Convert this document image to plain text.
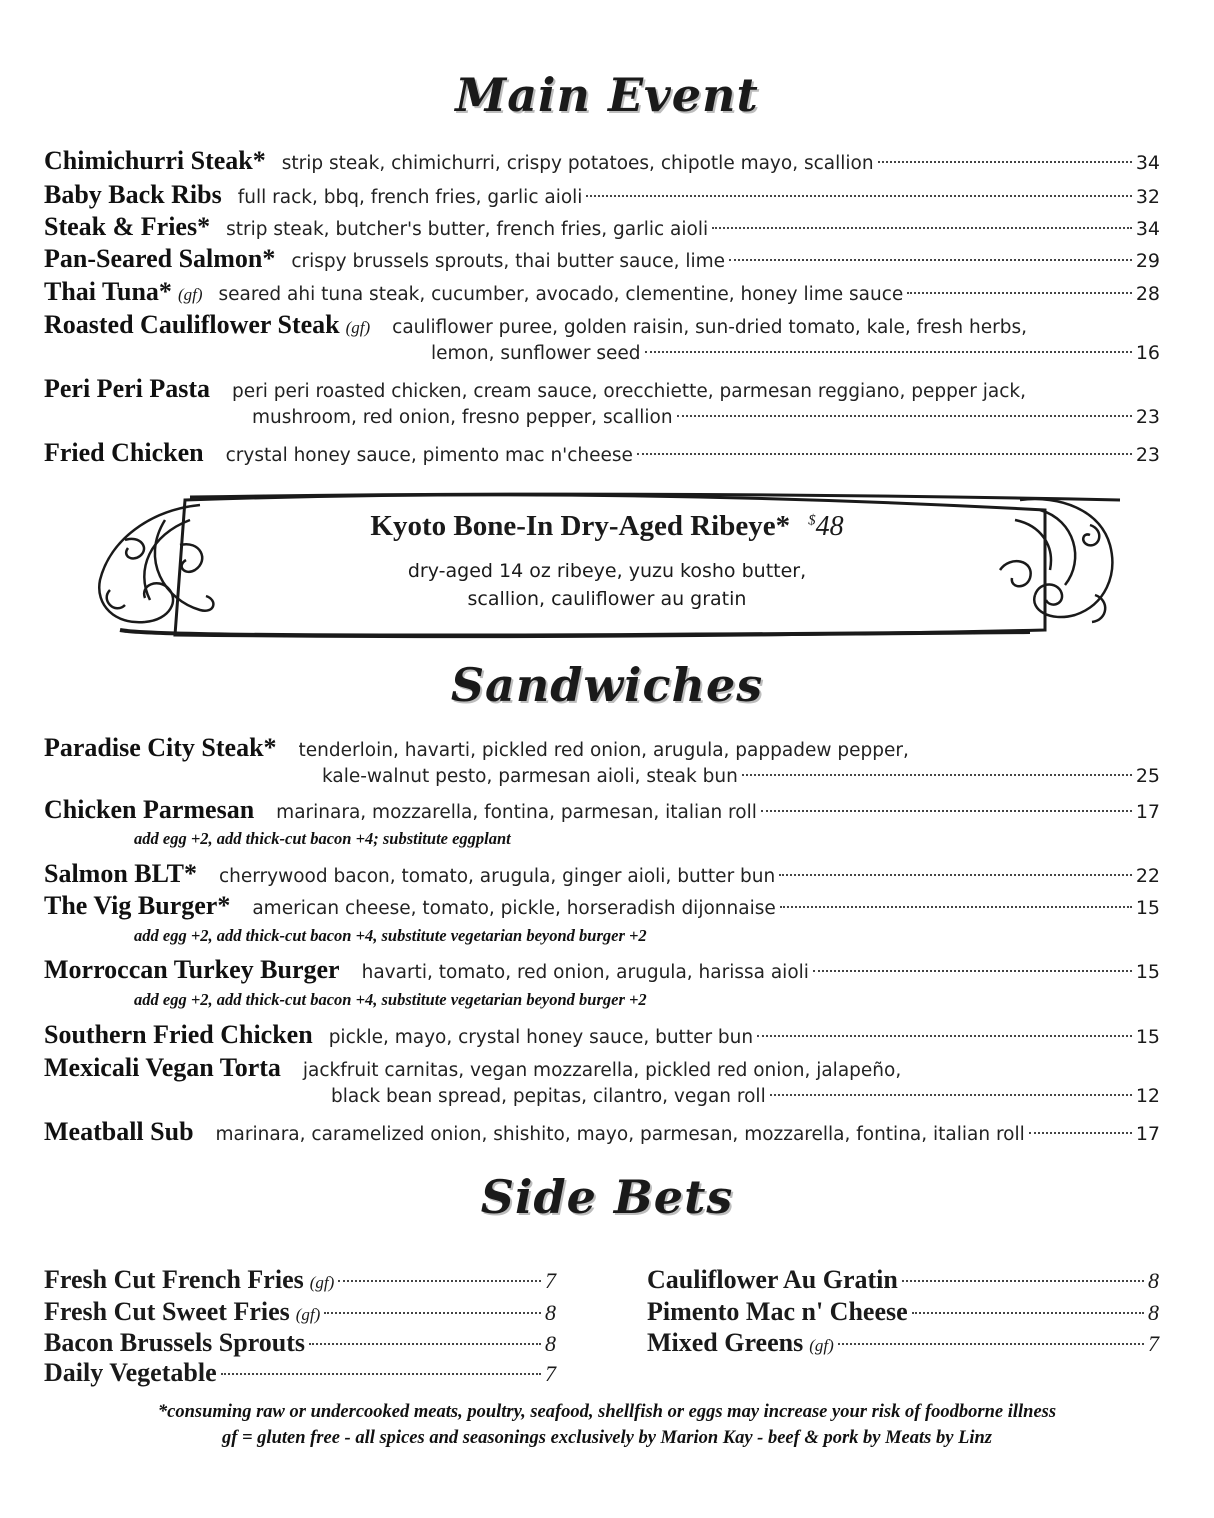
Main Event
Chimichurri Steak* strip steak, chimichurri, crispy potatoes, chipotle mayo, scallion	34
Baby Back Ribs full rack, bbq, french fries, garlic aioli	32
Steak & Fries* strip steak, butcher's butter, french fries, garlic aioli	34
Pan-Seared Salmon* crispy brussels sprouts, thai butter sauce, lime	29
Thai Tuna* (gf) seared ahi tuna steak, cucumber, avocado, clementine, honey lime sauce	28
Roasted Cauliflower Steak (gf) cauliflower puree, golden raisin, sun-dried tomato, kale, fresh herbs,
lemon, sunflower seed	16
Peri Peri Pasta peri peri roasted chicken, cream sauce, orecchiette, parmesan reggiano, pepper jack,
mushroom, red onion, fresno pepper, scallion	23
Fried Chicken crystal honey sauce, pimento mac n'cheese	23
Kyoto Bone-In Dry-Aged Ribeye* $48
dry-aged 14 oz ribeye, yuzu kosho butter,
scallion, cauliflower au gratin
Sandwiches
Paradise City Steak* tenderloin, havarti, pickled red onion, arugula, pappadew pepper,
kale-walnut pesto, parmesan aioli, steak bun	25
Chicken Parmesan marinara, mozzarella, fontina, parmesan, italian roll	17
Salmon BLT* cherrywood bacon, tomato, arugula, ginger aioli, butter bun	22
The Vig Burger* american cheese, tomato, pickle, horseradish dijonnaise	15
Morroccan Turkey Burger havarti, tomato, red onion, arugula, harissa aioli	15
Southern Fried Chicken pickle, mayo, crystal honey sauce, butter bun	15
Mexicali Vegan Torta jackfruit carnitas, vegan mozzarella, pickled red onion, jalapeño,
black bean spread, pepitas, cilantro, vegan roll	12
Meatball Sub marinara, caramelized onion, shishito, mayo, parmesan, mozzarella, fontina, italian roll	17
add egg +2, add thick-cut bacon +4; substitute eggplant
add egg +2, add thick-cut bacon +4, substitute vegetarian beyond burger +2
add egg +2, add thick-cut bacon +4, substitute vegetarian beyond burger +2
Side Bets
Fresh Cut French Fries (gf)	7
Fresh Cut Sweet Fries (gf)	8
Bacon Brussels Sprouts	8
Daily Vegetable	7
Cauliflower Au Gratin	8
Pimento Mac n' Cheese	8
Mixed Greens (gf)	7
*consuming raw or undercooked meats, poultry, seafood, shellfish or eggs may increase your risk of foodborne illness
gf = gluten free - all spices and seasonings exclusively by Marion Kay - beef & pork by Meats by Linz
